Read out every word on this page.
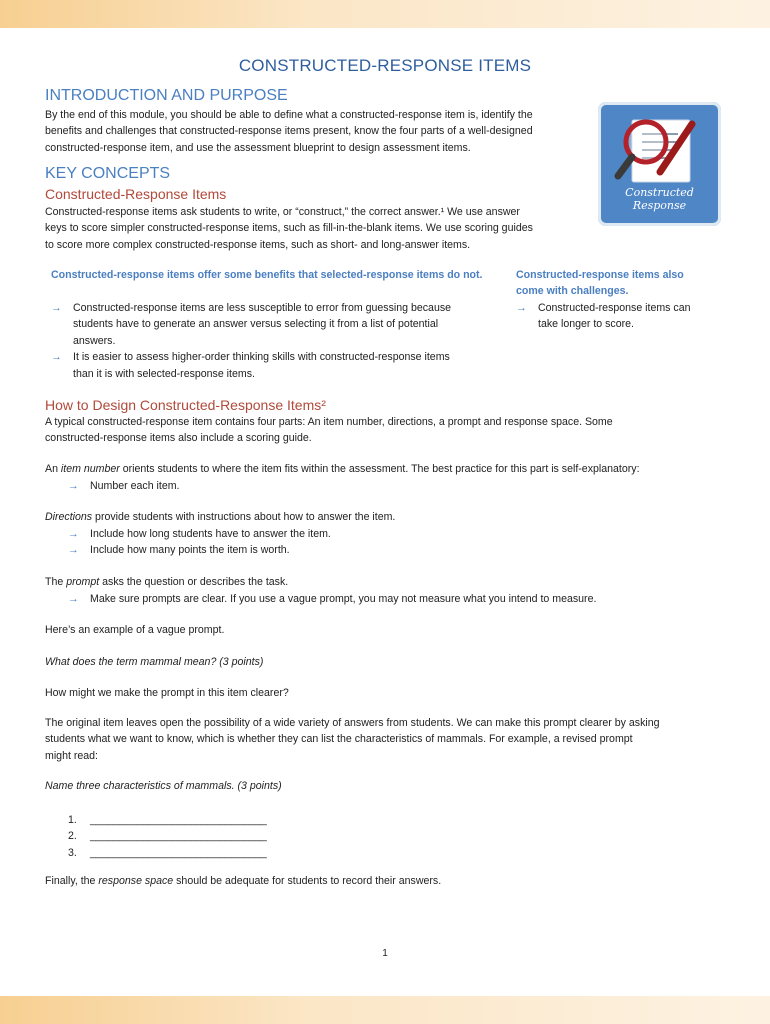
CONSTRUCTED-RESPONSE ITEMS
INTRODUCTION AND PURPOSE
By the end of this module, you should be able to define what a constructed-response item is, identify the
benefits and challenges that constructed-response items present, know the four parts of a well-designed
constructed-response item, and use the assessment blueprint to design assessment items.
Constructed Response
KEY CONCEPTS
Constructed-Response Items
Constructed-response items ask students to write, or “construct,” the correct answer.¹ We use answer
keys to score simpler constructed-response items, such as fill-in-the-blank items. We use scoring guides
to score more complex constructed-response items, such as short- and long-answer items.
Constructed-response items offer some benefits that selected-response items do not.
→	Constructed-response items are less susceptible to error from guessing because
students have to generate an answer versus selecting it from a list of potential
answers.
→	It is easier to assess higher-order thinking skills with constructed-response items
than it is with selected-response items.
Constructed-response items also
come with challenges.
→	Constructed-response items can
take longer to score.
How to Design Constructed-Response Items²
A typical constructed-response item contains four parts: An item number, directions, a prompt and response space. Some
constructed-response items also include a scoring guide.
An item number orients students to where the item fits within the assessment. The best practice for this part is self-explanatory:
→	Number each item.
Directions provide students with instructions about how to answer the item.
→	Include how long students have to answer the item.
→	Include how many points the item is worth.
The prompt asks the question or describes the task.
→	Make sure prompts are clear. If you use a vague prompt, you may not measure what you intend to measure.
Here’s an example of a vague prompt.
What does the term mammal mean? (3 points)
How might we make the prompt in this item clearer?
The original item leaves open the possibility of a wide variety of answers from students. We can make this prompt clearer by asking
students what we want to know, which is whether they can list the characteristics of mammals. For example, a revised prompt
might read:
Name three characteristics of mammals. (3 points)
1. ______________________________
2. ______________________________
3. ______________________________
Finally, the response space should be adequate for students to record their answers.
1
